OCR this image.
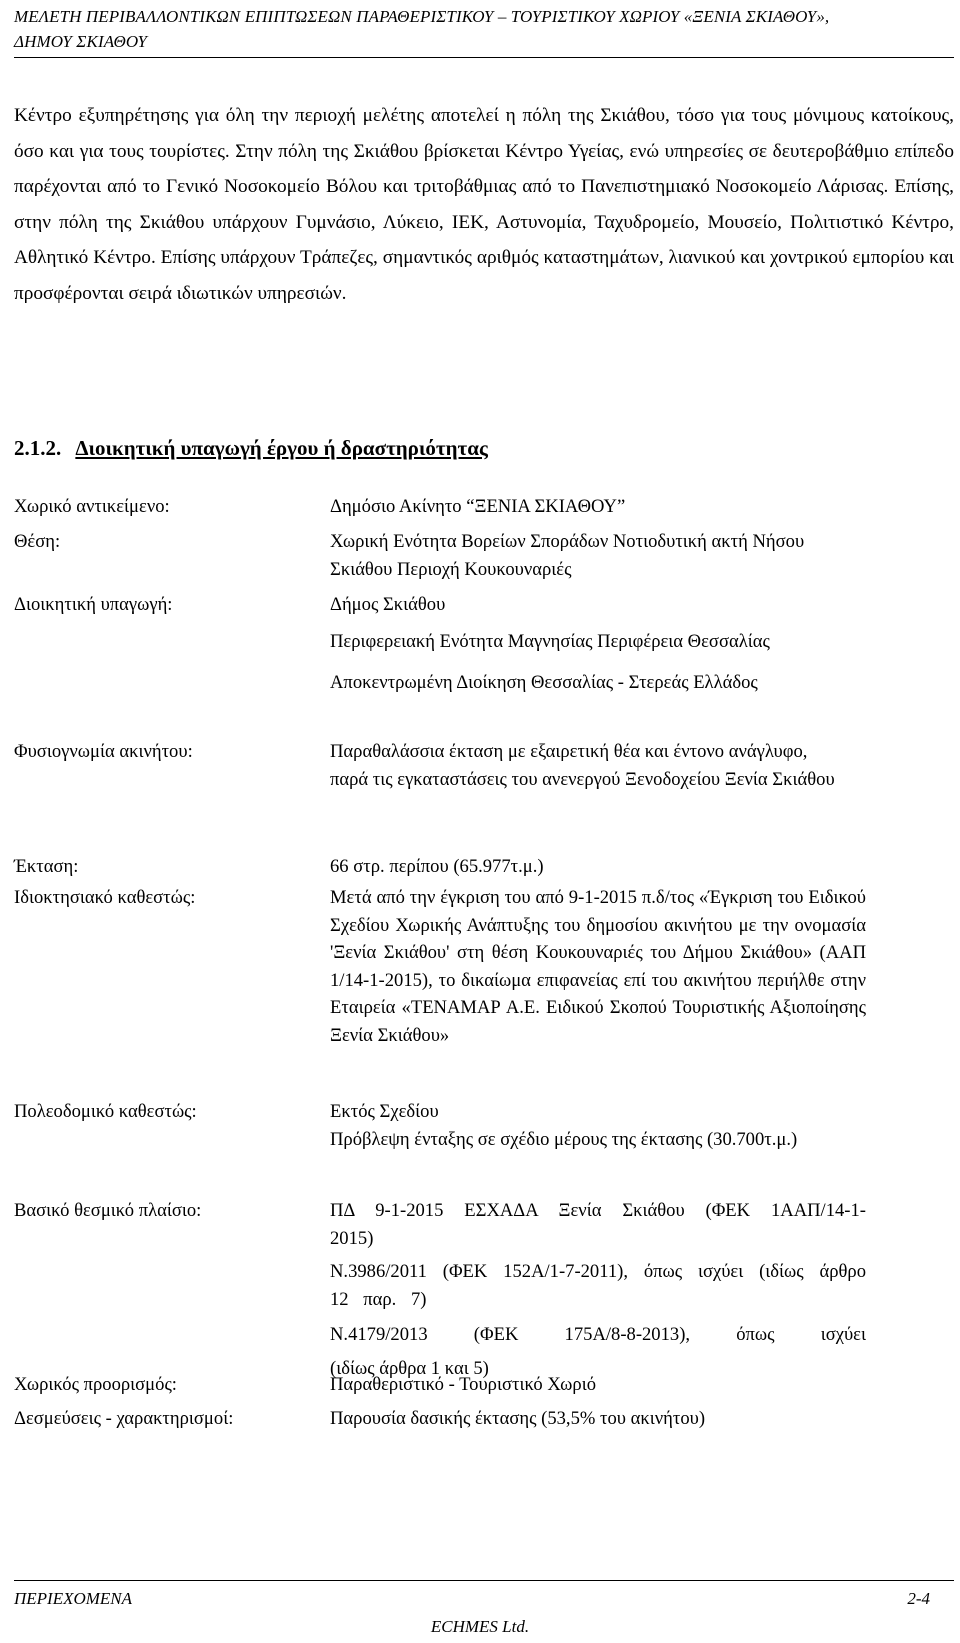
ΜΕΛΕΤΗ ΠΕΡΙΒΑΛΛΟΝΤΙΚΩΝ ΕΠΙΠΤΩΣΕΩΝ ΠΑΡΑΘΕΡΙΣΤΙΚΟΥ – ΤΟΥΡΙΣΤΙΚΟΥ ΧΩΡΙΟΥ «ΞΕΝΙΑ ΣΚΙΑΘΟΥ»,
ΔΗΜΟΥ ΣΚΙΑΘΟΥ

Κέντρο εξυπηρέτησης για όλη την περιοχή μελέτης αποτελεί η πόλη της Σκιάθου, τόσο για τους μόνιμους κατοίκους, όσο και για τους τουρίστες. Στην πόλη της Σκιάθου βρίσκεται Κέντρο Υγείας, ενώ υπηρεσίες σε δευτεροβάθμιο επίπεδο παρέχονται από το Γενικό Νοσοκομείο Βόλου και τριτοβάθμιας από το Πανεπιστημιακό Νοσοκομείο Λάρισας. Επίσης, στην πόλη της Σκιάθου υπάρχουν Γυμνάσιο, Λύκειο, ΙΕΚ, Αστυνομία, Ταχυδρομείο, Μουσείο, Πολιτιστικό Κέντρο, Αθλητικό Κέντρο. Επίσης υπάρχουν Τράπεζες, σημαντικός αριθμός καταστημάτων, λιανικού και χοντρικού εμπορίου και προσφέρονται σειρά ιδιωτικών υπηρεσιών.

2.1.2. Διοικητική υπαγωγή έργου ή δραστηριότητας
Χωρικό αντικείμενο:	Δημόσιο Ακίνητο “ΞΕΝΙΑ ΣΚΙΑΘΟΥ”

Θέση:	Χωρική Ενότητα Βορείων Σποράδων Νοτιοδυτική ακτή Νήσου Σκιάθου Περιοχή Κουκουναριές

Διοικητική υπαγωγή:	Δήμος Σκιάθου

Περιφερειακή Ενότητα Μαγνησίας Περιφέρεια Θεσσαλίας

Αποκεντρωμένη Διοίκηση Θεσσαλίας - Στερεάς Ελλάδος

Φυσιογνωμία ακινήτου:	Παραθαλάσσια έκταση με εξαιρετική θέα και έντονο ανάγλυφο, παρά τις εγκαταστάσεις του ανενεργού Ξενοδοχείου Ξενία Σκιάθου

Έκταση:	66 στρ. περίπου (65.977τ.μ.)

Ιδιοκτησιακό καθεστώς:	Μετά από την έγκριση του από 9-1-2015 π.δ/τος «Έγκριση του Ειδικού Σχεδίου Χωρικής Ανάπτυξης του δημοσίου ακινήτου με την ονομασία 'Ξενία Σκιάθου' στη θέση Κουκουναριές του Δήμου Σκιάθου» (ΑΑΠ 1/14-1-2015), το δικαίωμα επιφανείας επί του ακινήτου περιήλθε στην Εταιρεία «ΤΕΝΑΜΑΡ Α.Ε. Ειδικού Σκοπού Τουριστικής Αξιοποίησης Ξενία Σκιάθου»

Πολεοδομικό καθεστώς:	Εκτός Σχεδίου

Πρόβλεψη ένταξης σε σχέδιο μέρους της έκτασης (30.700τ.μ.)

Βασικό θεσμικό πλαίσιο:	ΠΔ 9-1-2015 ΕΣΧΑΔΑ Ξενία Σκιάθου (ΦΕΚ 1ΑΑΠ/14-1-2015)

Ν.3986/2011 (ΦΕΚ 152Α/1-7-2011), όπως ισχύει (ιδίως άρθρο 12 παρ. 7)

Ν.4179/2013 (ΦΕΚ 175Α/8-8-2013), όπως ισχύει

(ιδίως άρθρα 1 και 5)

Χωρικός προορισμός:	Παραθεριστικό - Τουριστικό Χωριό

Δεσμεύσεις - χαρακτηρισμοί:	Παρουσία δασικής έκτασης (53,5% του ακινήτου)

ΠΕΡΙΕΧΟΜΕΝΑ	2-4
ECHMES Ltd.
